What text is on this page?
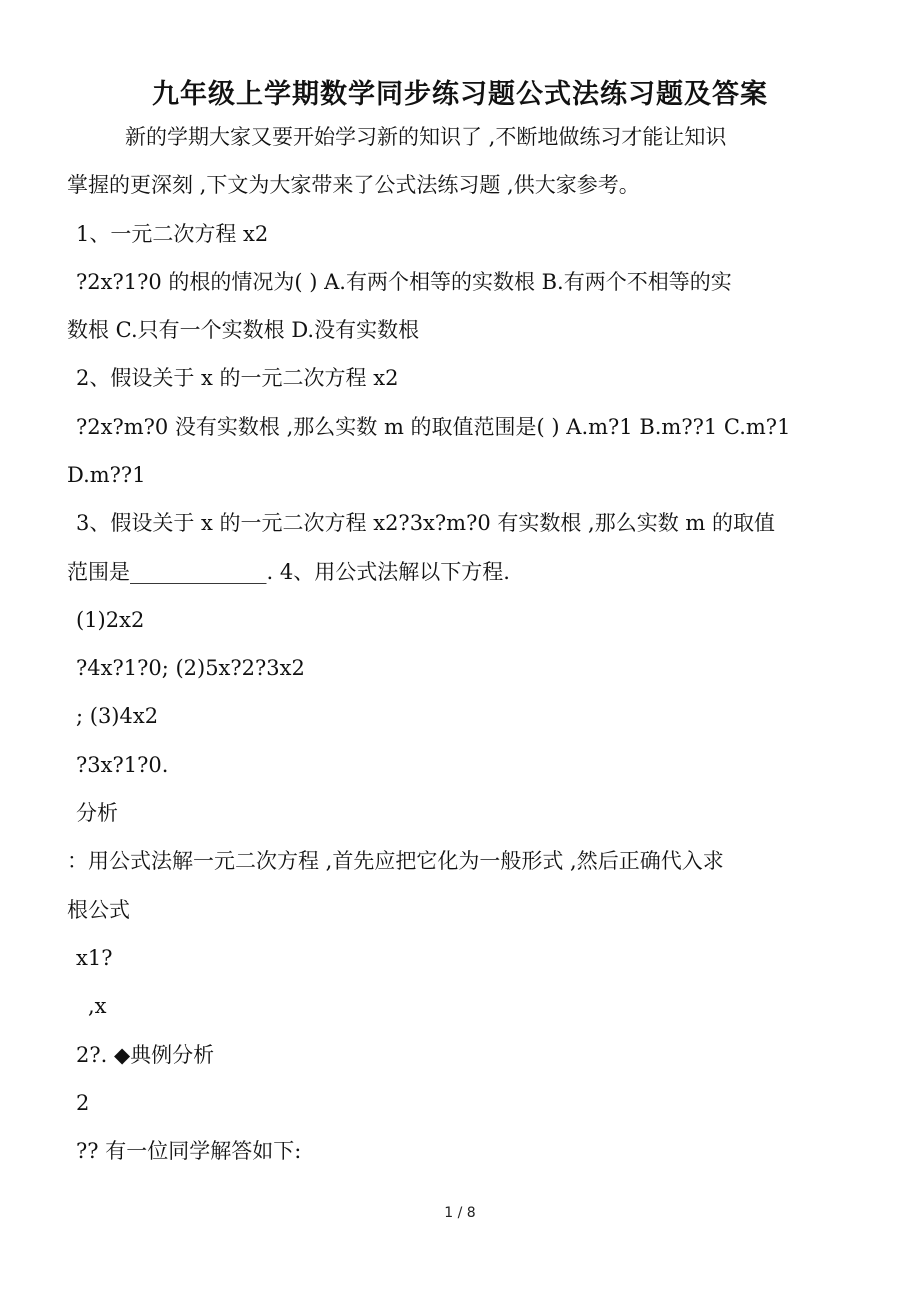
九年级上学期数学同步练习题公式法练习题及答案
新的学期大家又要开始学习新的知识了 ,不断地做练习才能让知识
掌握的更深刻 ,下文为大家带来了公式法练习题 ,供大家参考。
1、一元二次方程 x2
?2x?1?0 的根的情况为( ) A.有两个相等的实数根 B.有两个不相等的实
数根 C.只有一个实数根 D.没有实数根
2、假设关于 x 的一元二次方程 x2
?2x?m?0 没有实数根 ,那么实数 m 的取值范围是( ) A.m?1 B.m??1 C.m?1
D.m??1
3、假设关于 x 的一元二次方程 x2?3x?m?0 有实数根 ,那么实数 m 的取值
范围是_____________. 4、用公式法解以下方程.
(1)2x2
?4x?1?0; (2)5x?2?3x2
; (3)4x2
?3x?1?0.
分析
：用公式法解一元二次方程 ,首先应把它化为一般形式 ,然后正确代入求
根公式
x1?
,x
2?. ◆典例分析
2
?? 有一位同学解答如下:
1 / 8
